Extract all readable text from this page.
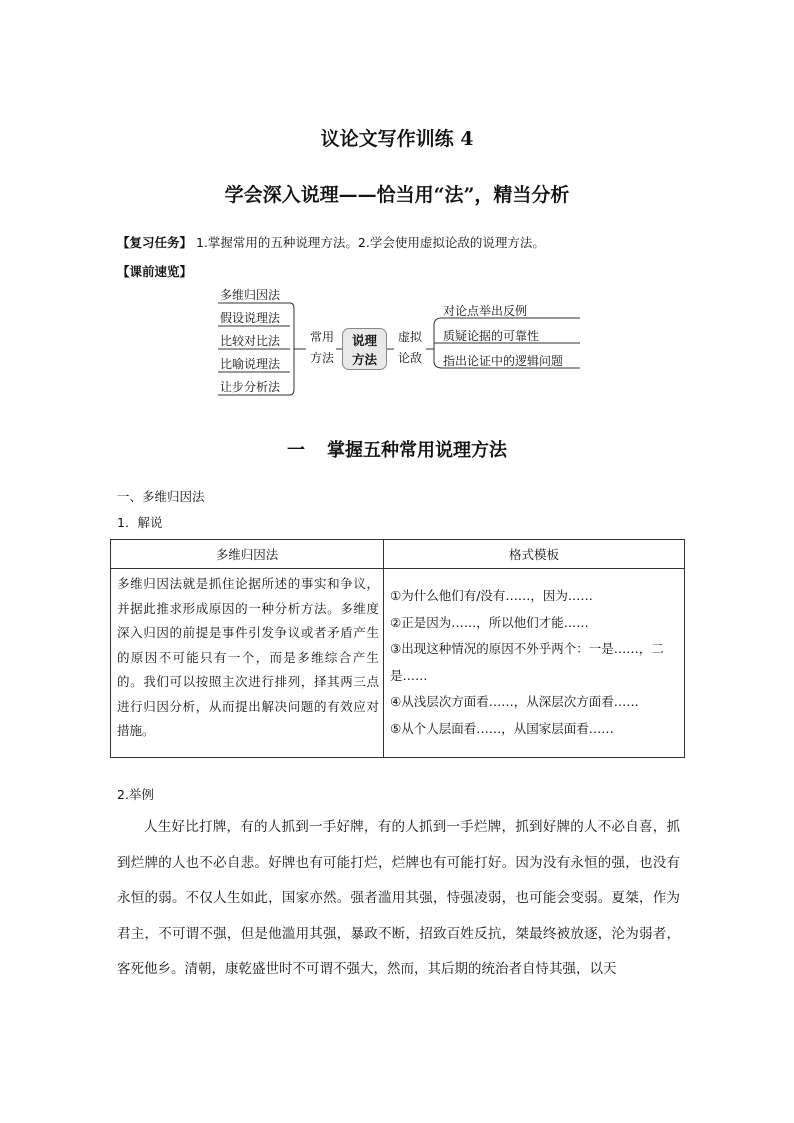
议论文写作训练 4
学会深入说理——恰当用“法”，精当分析
【复习任务】 1.掌握常用的五种说理方法。2.学会使用虚拟论敌的说理方法。
【课前速览】
多维归因法
假设说理法
比较对比法
比喻说理法
让步分析法
常用
方法
说理
方法
虚拟
论敌
对论点举出反例
质疑论据的可靠性
指出论证中的逻辑问题
一 掌握五种常用说理方法
一、多维归因法
1．解说
多维归因法	格式模板
多维归因法就是抓住论据所述的事实和争议，并据此推求形成原因的一种分析方法。多维度深入归因的前提是事件引发争议或者矛盾产生的原因不可能只有一个，而是多维综合产生的。我们可以按照主次进行排列，择其两三点进行归因分析，从而提出解决问题的有效应对措施。	①为什么他们有/没有……，因为……
②正是因为……，所以他们才能……
③出现这种情况的原因不外乎两个：一是……，二是……
④从浅层次方面看……，从深层次方面看……
⑤从个人层面看……，从国家层面看……
2.举例

人生好比打牌，有的人抓到一手好牌，有的人抓到一手烂牌，抓到好牌的人不必自喜，抓到烂牌的人也不必自悲。好牌也有可能打烂，烂牌也有可能打好。因为没有永恒的强，也没有永恒的弱。不仅人生如此，国家亦然。强者滥用其强，恃强凌弱，也可能会变弱。夏桀，作为君主，不可谓不强，但是他滥用其强，暴政不断，招致百姓反抗，桀最终被放逐，沦为弱者，客死他乡。清朝，康乾盛世时不可谓不强大，然而，其后期的统治者自恃其强，以天
